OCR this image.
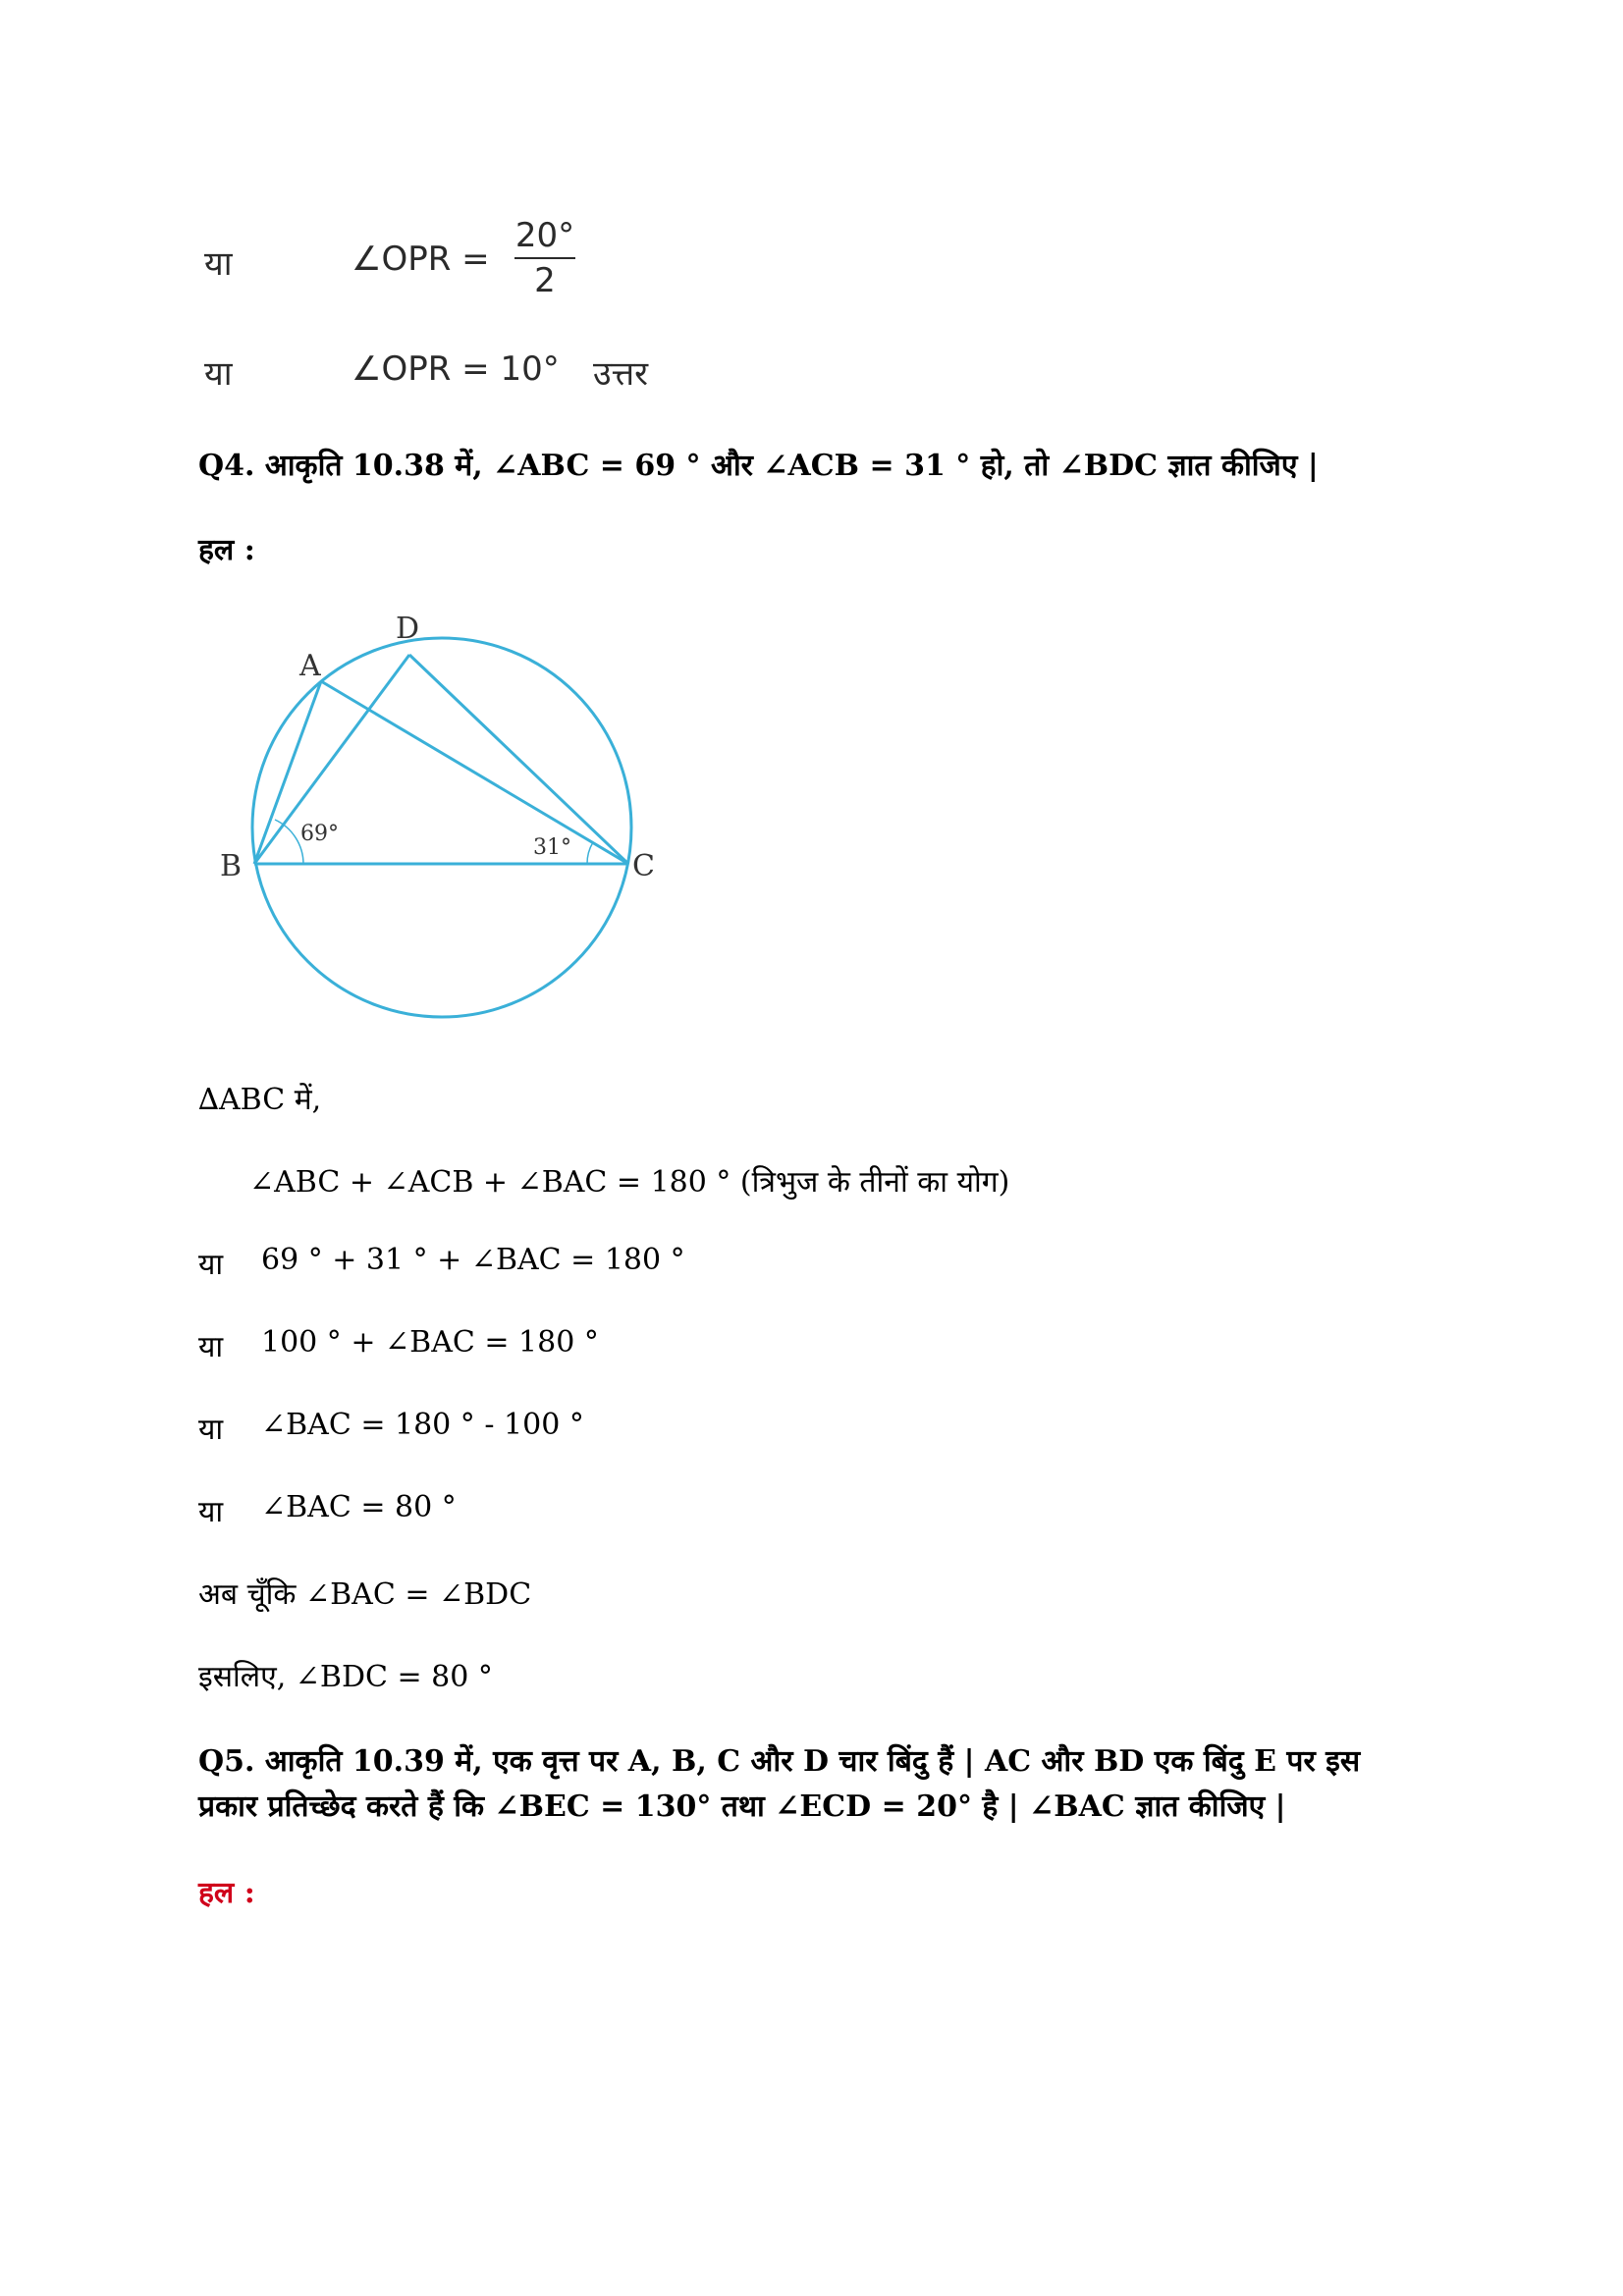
या	∠OPR =
20°
2
या	∠OPR = 10° उत्तर
Q4. आकृति 10.38 में, ∠ABC = 69 ° और ∠ACB = 31 ° हो, तो ∠BDC ज्ञात कीजिए |
हल :
A
D
B	C
69°
31°
∆ABC में,
∠ABC + ∠ACB + ∠BAC = 180 ° (त्रिभुज के तीनों का योग)
या 69 ° + 31 ° + ∠BAC = 180 °
या 100 ° + ∠BAC = 180 °
या ∠BAC = 180 ° - 100 °
या ∠BAC = 80 °
अब चूँकि ∠BAC = ∠BDC
इसलिए, ∠BDC = 80 °
Q5. आकृति 10.39 में, एक वृत्त पर A, B, C और D चार बिंदु हैं | AC और BD एक बिंदु E पर इस
प्रकार प्रतिच्छेद करते हैं कि ∠BEC = 130° तथा ∠ECD = 20° है | ∠BAC ज्ञात कीजिए |
हल :
